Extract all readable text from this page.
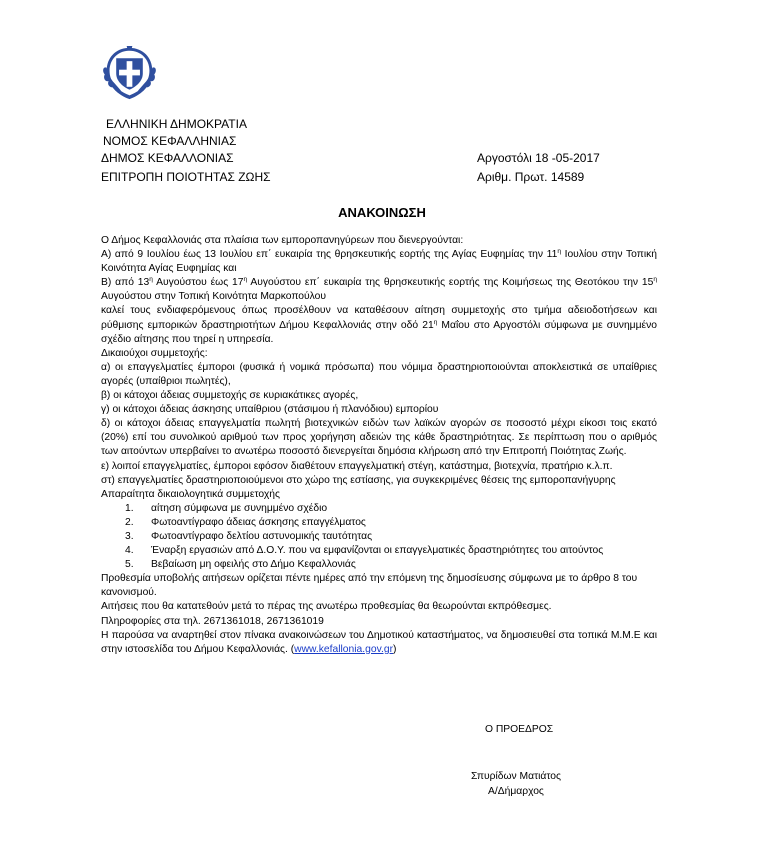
ΕΛΛΗΝΙΚΗ ΔΗΜΟΚΡΑΤΙΑ
ΝΟΜΟΣ ΚΕΦΑΛΛΗΝΙΑΣ
ΔΗΜΟΣ ΚΕΦΑΛΛΟΝΙΑΣ
ΕΠΙΤΡΟΠΗ ΠΟΙΟΤΗΤΑΣ ΖΩΗΣ
Αργοστόλι 18 -05-2017
Αριθμ. Πρωτ. 14589
ΑΝΑΚΟΙΝΩΣΗ

Ο Δήμος Κεφαλλονιάς στα πλαίσια των εμποροπανηγύρεων που διενεργούνται:

Α) από 9 Ιουλίου έως 13 Ιουλίου επ΄ ευκαιρία της θρησκευτικής εορτής της Αγίας Ευφημίας την $11^\eta$ Ιουλίου στην Τοπική Κοινότητα Αγίας Ευφημίας και

Β) από $13^\eta$ Αυγούστου έως $17^\eta$ Αυγούστου επ΄ ευκαιρία της θρησκευτικής εορτής της Κοιμήσεως της Θεοτόκου την $15^\eta$ Αυγούστου στην Τοπική Κοινότητα Μαρκοπούλου

καλεί τους ενδιαφερόμενους όπως προσέλθουν να καταθέσουν αίτηση συμμετοχής στο τμήμα αδειοδοτήσεων και ρύθμισης εμπορικών δραστηριοτήτων Δήμου Κεφαλλονιάς στην οδό $21^\eta$ Μαΐου στο Αργοστόλι σύμφωνα με συνημμένο σχέδιο αίτησης που τηρεί η υπηρεσία.

Δικαιούχοι συμμετοχής:

α) οι επαγγελματίες έμποροι (φυσικά ή νομικά πρόσωπα) που νόμιμα δραστηριοποιούνται αποκλειστικά σε υπαίθριες αγορές (υπαίθριοι πωλητές),

β) οι κάτοχοι άδειας συμμετοχής σε κυριακάτικες αγορές,

γ) οι κάτοχοι άδειας άσκησης υπαίθριου (στάσιμου ή πλανόδιου) εμπορίου

δ) οι κάτοχοι άδειας επαγγελματία πωλητή βιοτεχνικών ειδών των λαϊκών αγορών σε ποσοστό μέχρι είκοσι τοις εκατό (20%) επί του συνολικού αριθμού των προς χορήγηση αδειών της κάθε δραστηριότητας. Σε περίπτωση που ο αριθμός των αιτούντων υπερβαίνει το ανωτέρω ποσοστό διενεργείται δημόσια κλήρωση από την Επιτροπή Ποιότητας Ζωής.

ε) λοιποί επαγγελματίες, έμποροι εφόσον διαθέτουν επαγγελματική στέγη, κατάστημα, βιοτεχνία, πρατήριο κ.λ.π.

στ) επαγγελματίες δραστηριοποιούμενοι στο χώρο της εστίασης, για συγκεκριμένες θέσεις της εμποροπανήγυρης

Απαραίτητα δικαιολογητικά συμμετοχής

1. αίτηση σύμφωνα με συνημμένο σχέδιο
2. Φωτοαντίγραφο άδειας άσκησης επαγγέλματος
3. Φωτοαντίγραφο δελτίου αστυνομικής ταυτότητας
4. Έναρξη εργασιών από Δ.Ο.Υ. που να εμφανίζονται οι επαγγελματικές δραστηριότητες του αιτούντος
5. Βεβαίωση μη οφειλής στο Δήμο Κεφαλλονιάς

Προθεσμία υποβολής αιτήσεων ορίζεται πέντε ημέρες από την επόμενη της δημοσίευσης σύμφωνα με το άρθρο 8 του κανονισμού.

Αιτήσεις που θα κατατεθούν μετά το πέρας της ανωτέρω προθεσμίας θα θεωρούνται εκπρόθεσμες.

Πληροφορίες στα τηλ. 2671361018, 2671361019

Η παρούσα να αναρτηθεί στον πίνακα ανακοινώσεων του Δημοτικού καταστήματος, να δημοσιευθεί στα τοπικά Μ.Μ.Ε και στην ιστοσελίδα του Δήμου Κεφαλλονιάς. (www.kefallonia.gov.gr)

Ο ΠΡΟΕΔΡΟΣ
Σπυρίδων Ματιάτος
Α/Δήμαρχος
